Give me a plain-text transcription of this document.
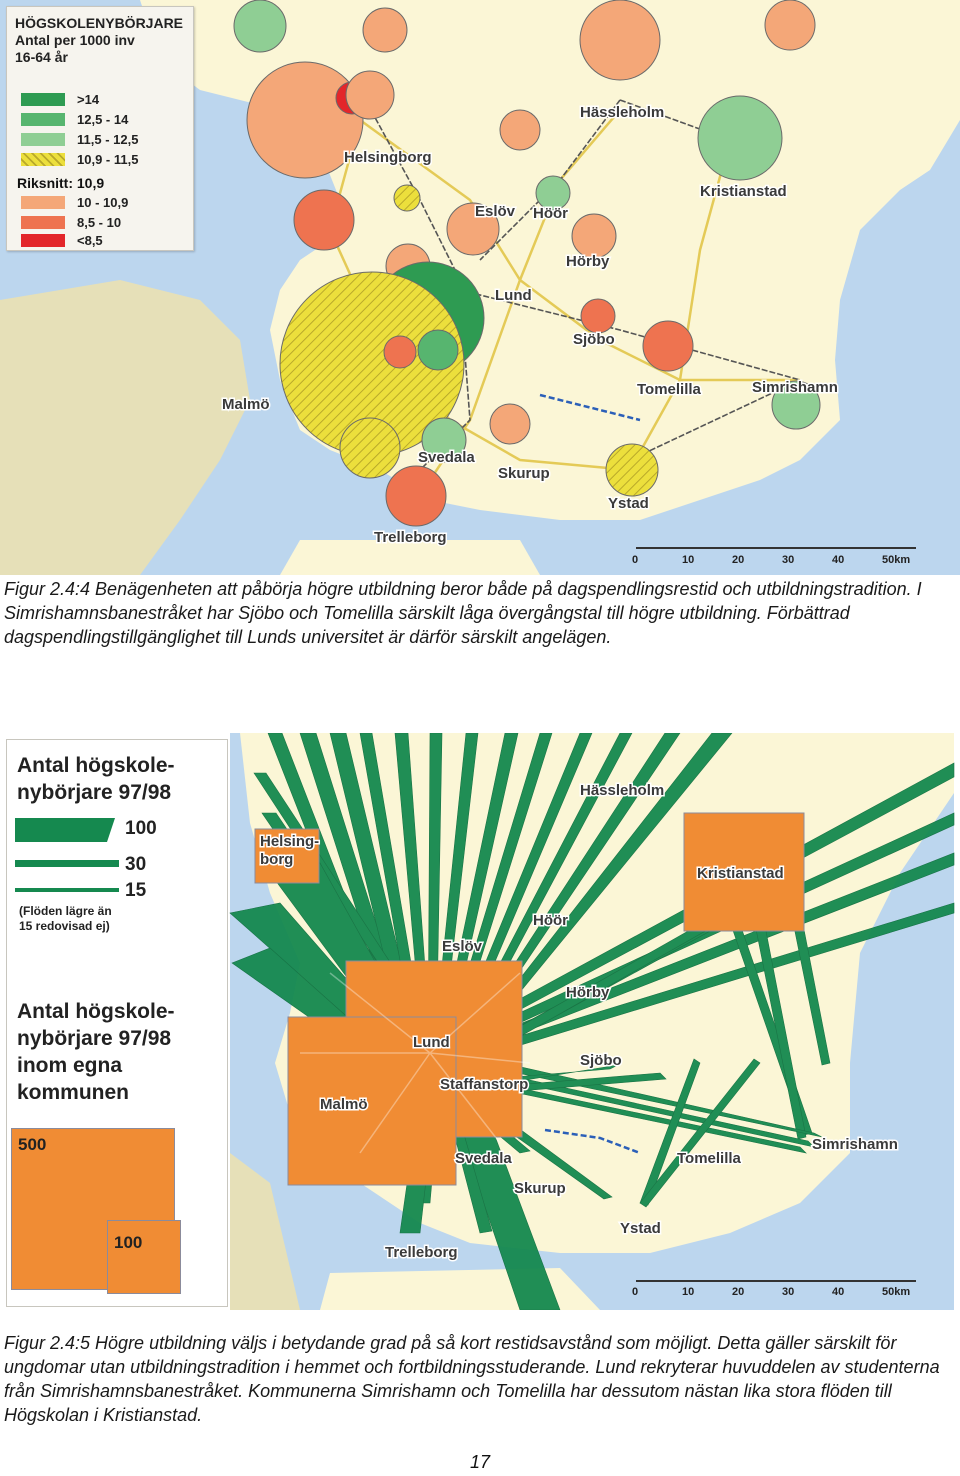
Helsingborg
Eslöv Höör
Hässleholm
Kristianstad
Hörby
Lund
Sjöbo
Tomelilla	Simrishamn
Malmö
Svedala
Skurup
Ystad
Trelleborg
0	10	20	30	40	50km
HÖGSKOLENYBÖRJARE
Antal per 1000 inv
16-64 år
>14
12,5 - 14
11,5 - 12,5
10,9 - 11,5
Riksnitt: 10,9
10 - 10,9
8,5 - 10
<8,5
Figur 2.4:4 Benägenheten att påbörja högre utbildning beror både på dagspendlingsrestid och utbildningstradition. I Simrishamnsbanestråket har Sjöbo och Tomelilla särskilt låga övergångstal till högre utbildning. Förbättrad dagspendlingstillgänglighet till Lunds universitet är därför särskilt angelägen.
Helsing-
borg
Kristianstad
Lund
Malmö
Staffanstorp
Hässleholm
Höör
Eslöv
Hörby
Sjöbo
Simrishamn
Tomelilla
Svedala
Skurup
Ystad
Trelleborg
0	10	20	30	40	50km
Antal högskole-
nybörjare 97/98
100
30
15
(Flöden lägre än
15 redovisad ej)
Antal högskole-
nybörjare 97/98
inom egna
kommunen
500
100
Figur 2.4:5 Högre utbildning väljs i betydande grad på så kort restidsavstånd som möjligt. Detta gäller särskilt för ungdomar utan utbildningstradition i hemmet och fortbildningsstuderande. Lund rekryterar huvuddelen av studenterna från Simrishamnsbanestråket. Kommunerna Simrishamn och Tomelilla har dessutom nästan lika stora flöden till Högskolan i Kristianstad.
17
